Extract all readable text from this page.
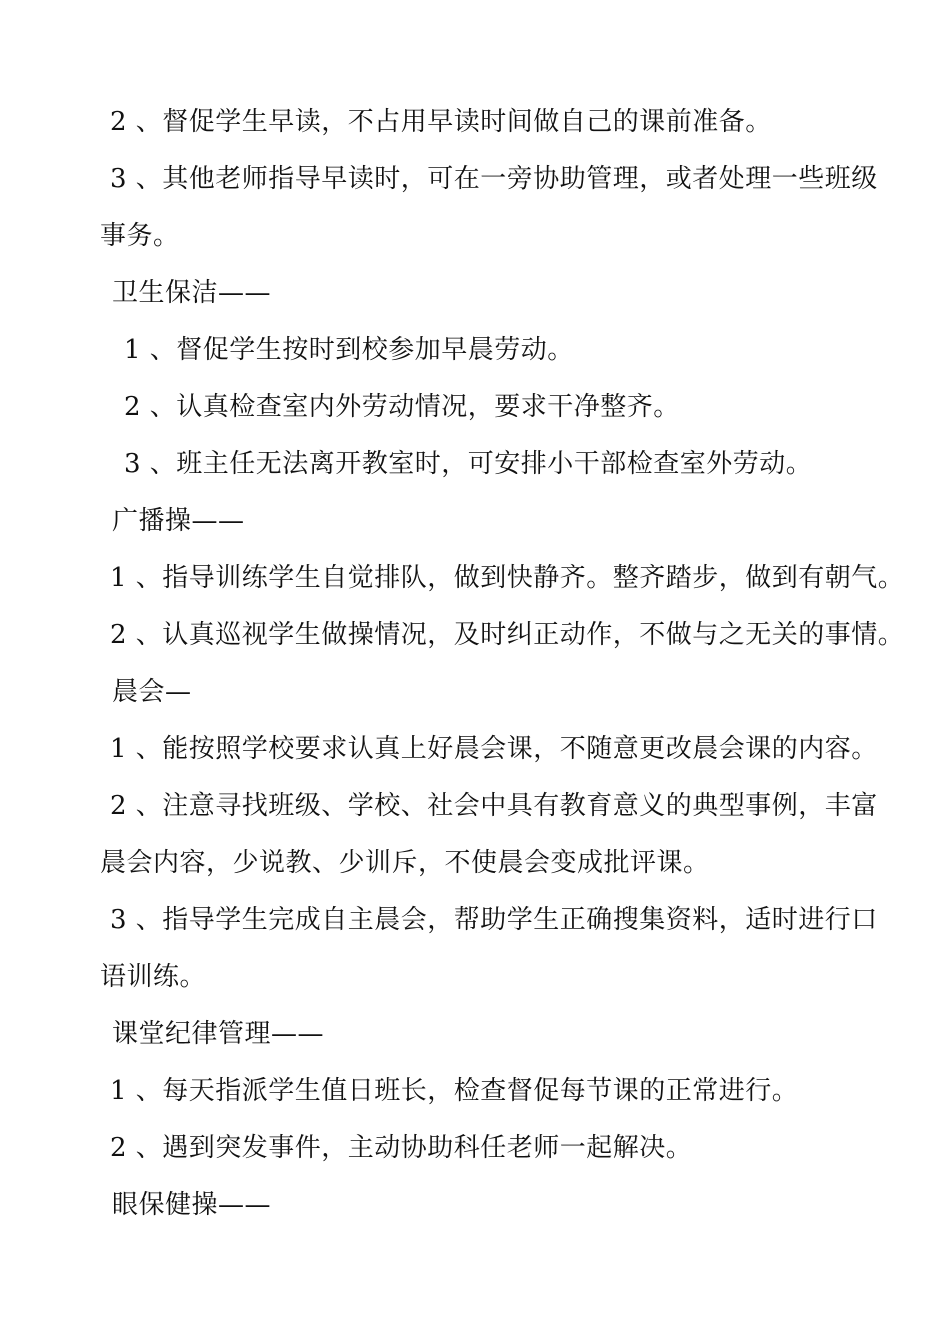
2 、督促学生早读，不占用早读时间做自己的课前准备。
3 、其他老师指导早读时，可在一旁协助管理，或者处理一些班级
事务。
卫生保洁——
1 、督促学生按时到校参加早晨劳动。
2 、认真检查室内外劳动情况，要求干净整齐。
3 、班主任无法离开教室时，可安排小干部检查室外劳动。
广播操——
1 、指导训练学生自觉排队，做到快静齐。整齐踏步，做到有朝气。
2 、认真巡视学生做操情况，及时纠正动作，不做与之无关的事情。
晨会—
1 、能按照学校要求认真上好晨会课，不随意更改晨会课的内容。
2 、注意寻找班级、学校、社会中具有教育意义的典型事例，丰富
晨会内容，少说教、少训斥，不使晨会变成批评课。
3 、指导学生完成自主晨会，帮助学生正确搜集资料，适时进行口
语训练。
课堂纪律管理——
1 、每天指派学生值日班长，检查督促每节课的正常进行。
2 、遇到突发事件，主动协助科任老师一起解决。
眼保健操——
